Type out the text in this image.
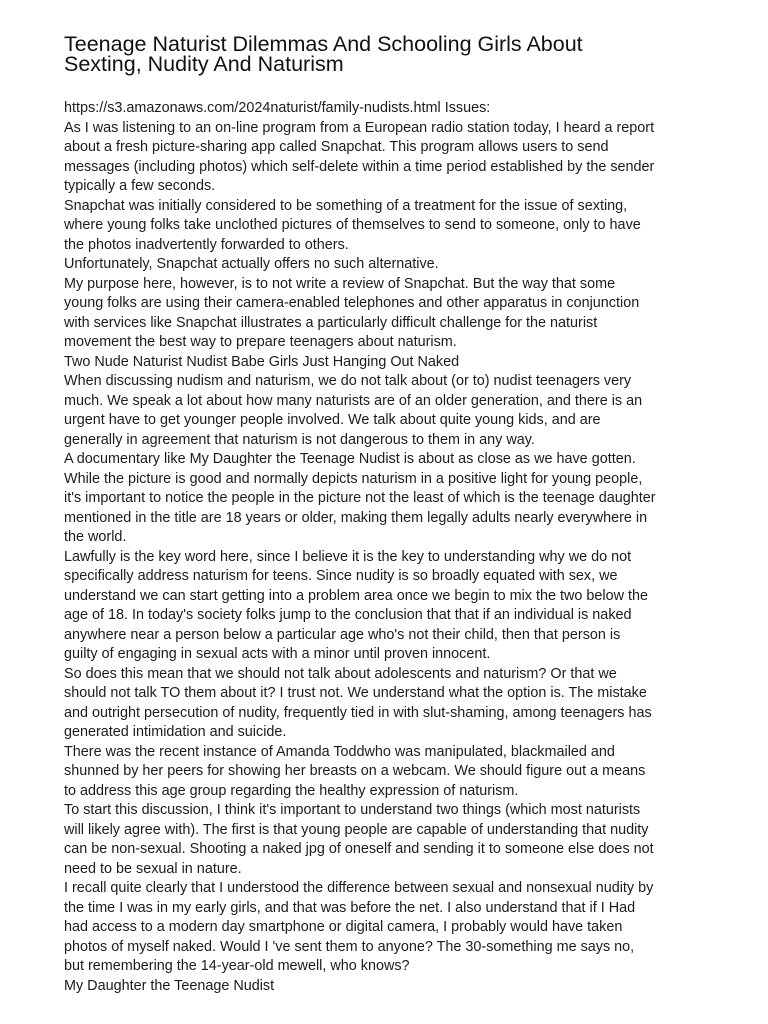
Teenage Naturist Dilemmas And Schooling Girls About
Sexting, Nudity And Naturism
https://s3.amazonaws.com/2024naturist/family-nudists.html Issues:
As I was listening to an on-line program from a European radio station today, I heard a report
about a fresh picture-sharing app called Snapchat. This program allows users to send
messages (including photos) which self-delete within a time period established by the sender
typically a few seconds.
Snapchat was initially considered to be something of a treatment for the issue of sexting,
where young folks take unclothed pictures of themselves to send to someone, only to have
the photos inadvertently forwarded to others.
Unfortunately, Snapchat actually offers no such alternative.
My purpose here, however, is to not write a review of Snapchat. But the way that some
young folks are using their camera-enabled telephones and other apparatus in conjunction
with services like Snapchat illustrates a particularly difficult challenge for the naturist
movement the best way to prepare teenagers about naturism.
Two Nude Naturist Nudist Babe Girls Just Hanging Out Naked
When discussing nudism and naturism, we do not talk about (or to) nudist teenagers very
much. We speak a lot about how many naturists are of an older generation, and there is an
urgent have to get younger people involved. We talk about quite young kids, and are
generally in agreement that naturism is not dangerous to them in any way.
A documentary like My Daughter the Teenage Nudist is about as close as we have gotten.
While the picture is good and normally depicts naturism in a positive light for young people,
it's important to notice the people in the picture not the least of which is the teenage daughter
mentioned in the title are 18 years or older, making them legally adults nearly everywhere in
the world.
Lawfully is the key word here, since I believe it is the key to understanding why we do not
specifically address naturism for teens. Since nudity is so broadly equated with sex, we
understand we can start getting into a problem area once we begin to mix the two below the
age of 18. In today's society folks jump to the conclusion that that if an individual is naked
anywhere near a person below a particular age who's not their child, then that person is
guilty of engaging in sexual acts with a minor until proven innocent.
So does this mean that we should not talk about adolescents and naturism? Or that we
should not talk TO them about it? I trust not. We understand what the option is. The mistake
and outright persecution of nudity, frequently tied in with slut-shaming, among teenagers has
generated intimidation and suicide.
There was the recent instance of Amanda Toddwho was manipulated, blackmailed and
shunned by her peers for showing her breasts on a webcam. We should figure out a means
to address this age group regarding the healthy expression of naturism.
To start this discussion, I think it's important to understand two things (which most naturists
will likely agree with). The first is that young people are capable of understanding that nudity
can be non-sexual. Shooting a naked jpg of oneself and sending it to someone else does not
need to be sexual in nature.
I recall quite clearly that I understood the difference between sexual and nonsexual nudity by
the time I was in my early girls, and that was before the net. I also understand that if I Had
had access to a modern day smartphone or digital camera, I probably would have taken
photos of myself naked. Would I 've sent them to anyone? The 30-something me says no,
but remembering the 14-year-old mewell, who knows?
My Daughter the Teenage Nudist
